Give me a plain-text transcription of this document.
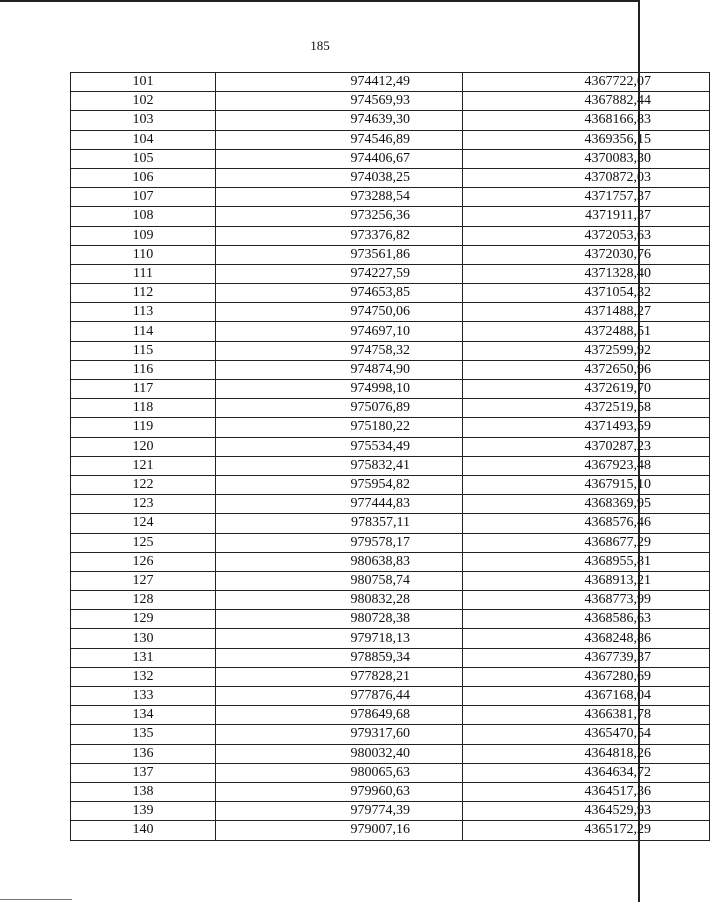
185
101	974412,49	4367722,07
102	974569,93	4367882,44
103	974639,30	4368166,83
104	974546,89	4369356,15
105	974406,67	4370083,30
106	974038,25	4370872,03
107	973288,54	4371757,37
108	973256,36	4371911,37
109	973376,82	4372053,63
110	973561,86	4372030,76
111	974227,59	4371328,40
112	974653,85	4371054,32
113	974750,06	4371488,27
114	974697,10	4372488,51
115	974758,32	4372599,92
116	974874,90	4372650,96
117	974998,10	4372619,70
118	975076,89	4372519,58
119	975180,22	4371493,59
120	975534,49	4370287,23
121	975832,41	4367923,48
122	975954,82	4367915,10
123	977444,83	4368369,95
124	978357,11	4368576,46
125	979578,17	4368677,29
126	980638,83	4368955,81
127	980758,74	4368913,21
128	980832,28	4368773,99
129	980728,38	4368586,63
130	979718,13	4368248,86
131	978859,34	4367739,37
132	977828,21	4367280,69
133	977876,44	4367168,04
134	978649,68	4366381,78
135	979317,60	4365470,54
136	980032,40	4364818,26
137	980065,63	4364634,72
138	979960,63	4364517,36
139	979774,39	4364529,93
140	979007,16	4365172,29
